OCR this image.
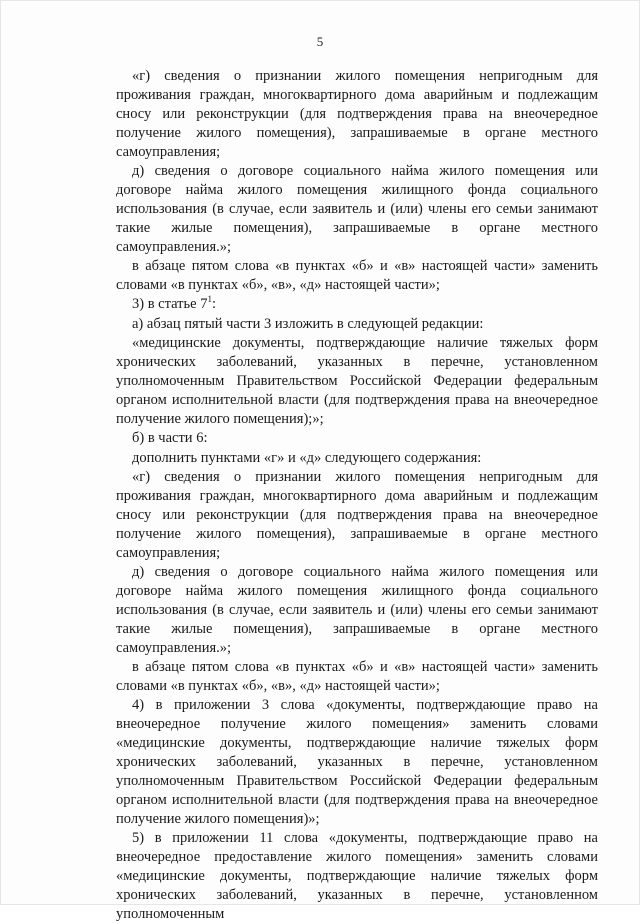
5

«г) сведения о признании жилого помещения непригодным для проживания граждан, многоквартирного дома аварийным и подлежащим сносу или реконструкции (для подтверждения права на внеочередное получение жилого помещения), запрашиваемые в органе местного самоуправления;

д) сведения о договоре социального найма жилого помещения или договоре найма жилого помещения жилищного фонда социального использования (в случае, если заявитель и (или) члены его семьи занимают такие жилые помещения), запрашиваемые в органе местного самоуправления.»;

в абзаце пятом слова «в пунктах «б» и «в» настоящей части» заменить словами «в пунктах «б», «в», «д» настоящей части»;

3) в статье $7^1$:

a) абзац пятый части 3 изложить в следующей редакции:

«медицинские документы, подтверждающие наличие тяжелых форм хронических заболеваний, указанных в перечне, установленном уполномоченным Правительством Российской Федерации федеральным органом исполнительной власти (для подтверждения права на внеочередное получение жилого помещения);»;

б) в части 6:

дополнить пунктами «г» и «д» следующего содержания:

«г) сведения о признании жилого помещения непригодным для проживания граждан, многоквартирного дома аварийным и подлежащим сносу или реконструкции (для подтверждения права на внеочередное получение жилого помещения), запрашиваемые в органе местного самоуправления;

д) сведения о договоре социального найма жилого помещения или договоре найма жилого помещения жилищного фонда социального использования (в случае, если заявитель и (или) члены его семьи занимают такие жилые помещения), запрашиваемые в органе местного самоуправления.»;

в абзаце пятом слова «в пунктах «б» и «в» настоящей части» заменить словами «в пунктах «б», «в», «д» настоящей части»;

4) в приложении 3 слова «документы, подтверждающие право на внеочередное получение жилого помещения» заменить словами «медицинские документы, подтверждающие наличие тяжелых форм хронических заболеваний, указанных в перечне, установленном уполномоченным Правительством Российской Федерации федеральным органом исполнительной власти (для подтверждения права на внеочередное получение жилого помещения)»;

5) в приложении 11 слова «документы, подтверждающие право на внеочередное предоставление жилого помещения» заменить словами «медицинские документы, подтверждающие наличие тяжелых форм хронических заболеваний, указанных в перечне, установленном уполномоченным
